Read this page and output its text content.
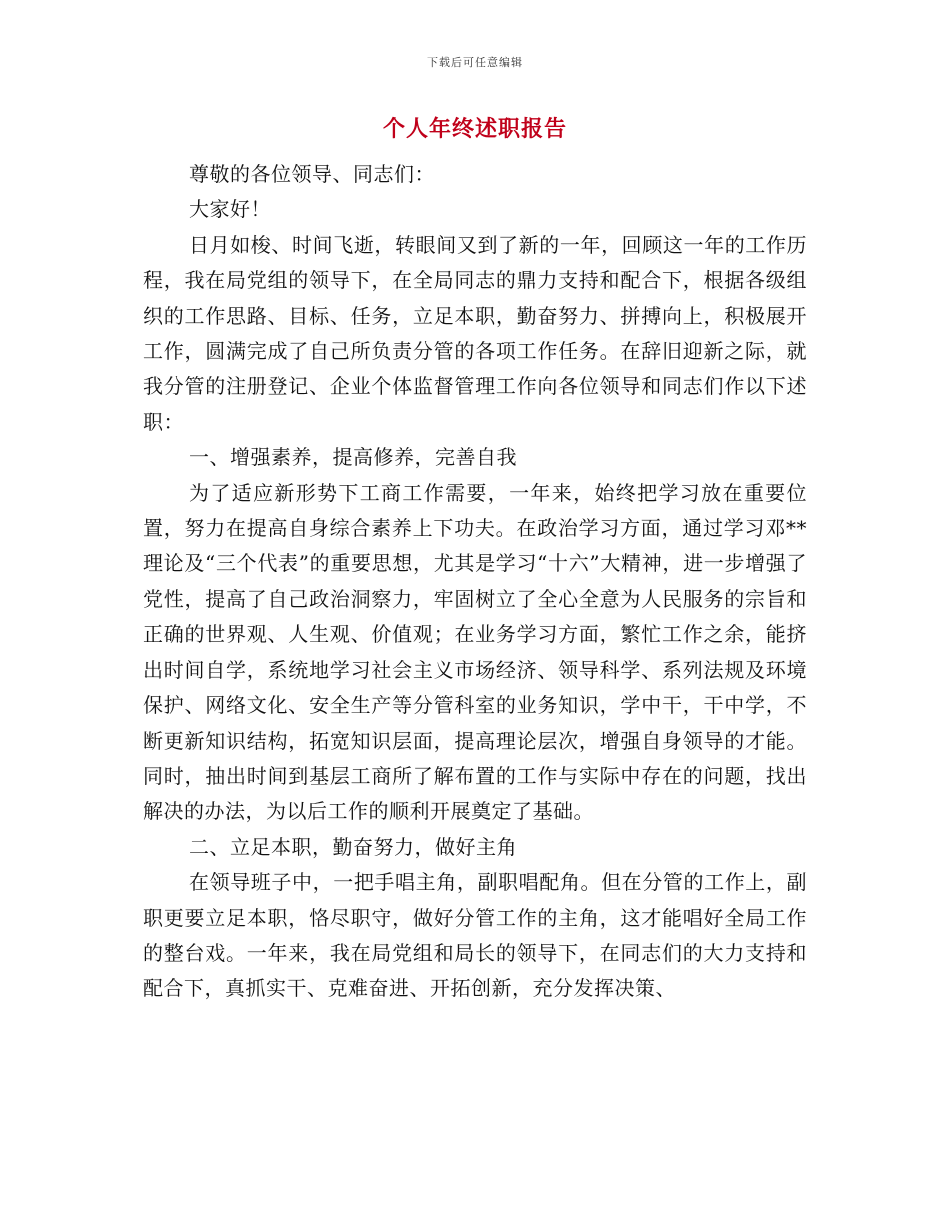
下载后可任意编辑
个人年终述职报告

尊敬的各位领导、同志们：

大家好！

日月如梭、时间飞逝，转眼间又到了新的一年，回顾这一年的工作历程，我在局党组的领导下，在全局同志的鼎力支持和配合下，根据各级组织的工作思路、目标、任务，立足本职，勤奋努力、拼搏向上，积极展开工作，圆满完成了自己所负责分管的各项工作任务。在辞旧迎新之际，就我分管的注册登记、企业个体监督管理工作向各位领导和同志们作以下述职：

一、增强素养，提高修养，完善自我

为了适应新形势下工商工作需要，一年来，始终把学习放在重要位置，努力在提高自身综合素养上下功夫。在政治学习方面，通过学习邓**理论及“三个代表”的重要思想，尤其是学习“十六”大精神，进一步增强了党性，提高了自己政治洞察力，牢固树立了全心全意为人民服务的宗旨和正确的世界观、人生观、价值观；在业务学习方面，繁忙工作之余，能挤出时间自学，系统地学习社会主义市场经济、领导科学、系列法规及环境保护、网络文化、安全生产等分管科室的业务知识，学中干，干中学，不断更新知识结构，拓宽知识层面，提高理论层次，增强自身领导的才能。同时，抽出时间到基层工商所了解布置的工作与实际中存在的问题，找出解决的办法，为以后工作的顺利开展奠定了基础。

二、立足本职，勤奋努力，做好主角

在领导班子中，一把手唱主角，副职唱配角。但在分管的工作上，副职更要立足本职，恪尽职守，做好分管工作的主角，这才能唱好全局工作的整台戏。一年来，我在局党组和局长的领导下，在同志们的大力支持和配合下，真抓实干、克难奋进、开拓创新，充分发挥决策、
